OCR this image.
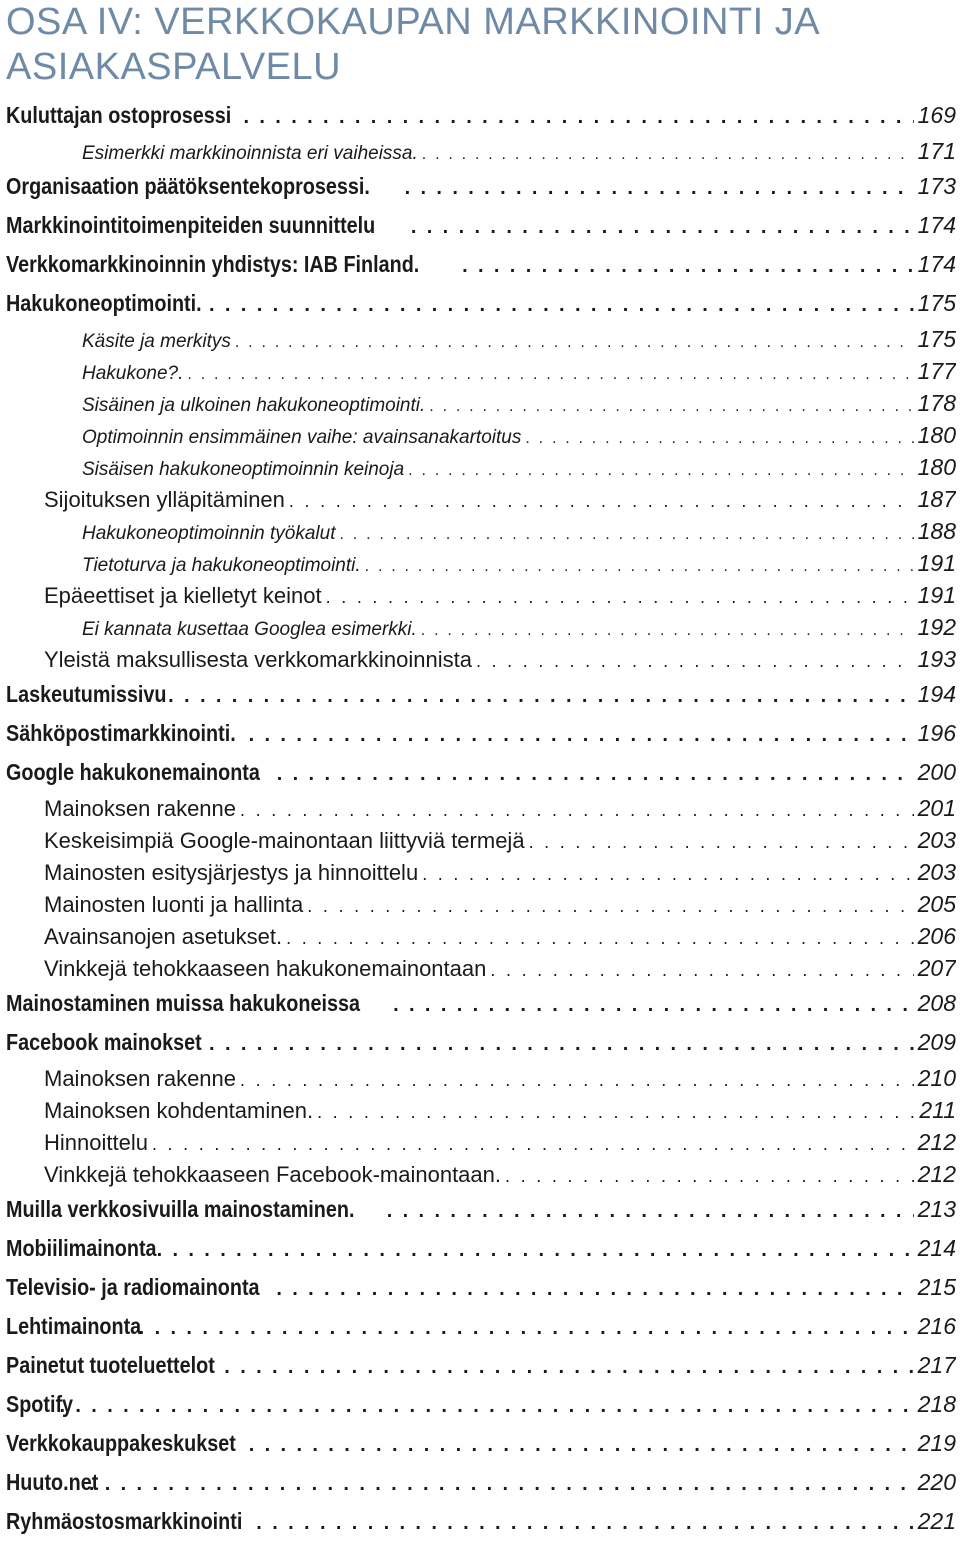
OSA IV: VERKKOKAUPAN MARKKINOINTI JA ASIAKASPALVELU
Kuluttajan ostoprosessi . . .	169
Esimerkki markkinoinnista eri vaiheissa. . . .	171
Organisaation päätöksentekoprosessi. . . .	173
Markkinointitoimenpiteiden suunnittelu . . .	174
Verkkomarkkinoinnin yhdistys: IAB Finland. . . .	174
Hakukoneoptimointi. . . .	175
Käsite ja merkitys . . .	175
Hakukone?. . . .	177
Sisäinen ja ulkoinen hakukoneoptimointi. . . .	178
Optimoinnin ensimmäinen vaihe: avainsanakartoitus . . .	180
Sisäisen hakukoneoptimoinnin keinoja . . .	180
Sijoituksen ylläpitäminen . . .	187
Hakukoneoptimoinnin työkalut . . .	188
Tietoturva ja hakukoneoptimointi. . . .	191
Epäeettiset ja kielletyt keinot . . .	191
Ei kannata kusettaa Googlea esimerkki. . . .	192
Yleistä maksullisesta verkkomarkkinoinnista . . .	193
Laskeutumissivu . . .	194
Sähköpostimarkkinointi. . . .	196
Google hakukonemainonta . . .	200
Mainoksen rakenne . . .	201
Keskeisimpiä Google-mainontaan liittyviä termejä . . .	203
Mainosten esitysjärjestys ja hinnoittelu . . .	203
Mainosten luonti ja hallinta . . .	205
Avainsanojen asetukset. . . .	206
Vinkkejä tehokkaaseen hakukonemainontaan . . .	207
Mainostaminen muissa hakukoneissa . . .	208
Facebook mainokset . . .	209
Mainoksen rakenne . . .	210
Mainoksen kohdentaminen. . . .	211
Hinnoittelu . . .	212
Vinkkejä tehokkaaseen Facebook-mainontaan. . . .	212
Muilla verkkosivuilla mainostaminen. . . .	213
Mobiilimainonta . . .	214
Televisio- ja radiomainonta . . .	215
Lehtimainonta . . .	216
Painetut tuoteluettelot . . .	217
Spotify . . .	218
Verkkokauppakeskukset . . .	219
Huuto.net . . .	220
Ryhmäostosmarkkinointi . . .	221
